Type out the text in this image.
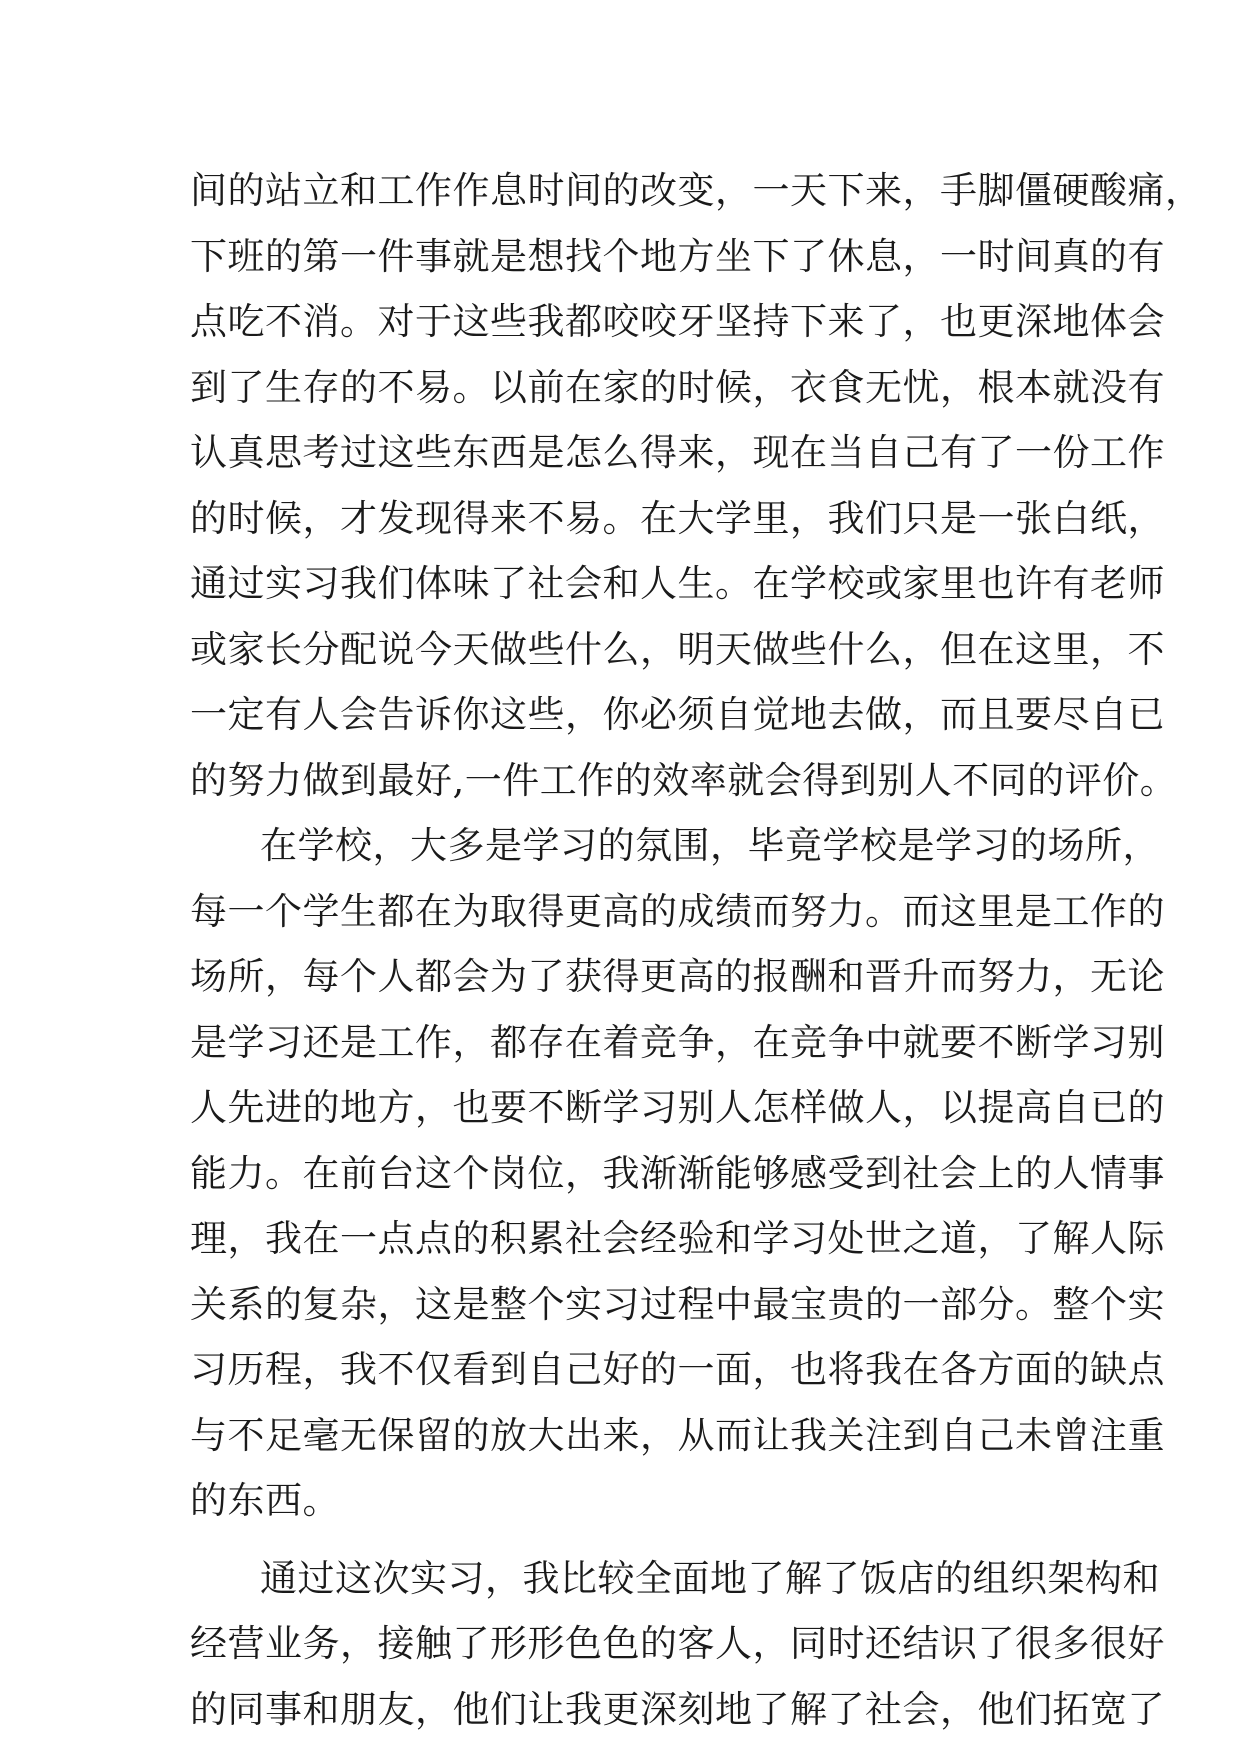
间的站立和工作作息时间的改变，一天下来，手脚僵硬酸痛，
下班的第一件事就是想找个地方坐下了休息，一时间真的有
点吃不消。对于这些我都咬咬牙坚持下来了，也更深地体会
到了生存的不易。以前在家的时候，衣食无忧，根本就没有
认真思考过这些东西是怎么得来，现在当自己有了一份工作
的时候，才发现得来不易。在大学里，我们只是一张白纸，
通过实习我们体味了社会和人生。在学校或家里也许有老师
或家长分配说今天做些什么，明天做些什么，但在这里，不
一定有人会告诉你这些，你必须自觉地去做，而且要尽自已
的努力做到最好,一件工作的效率就会得到别人不同的评价。
在学校，大多是学习的氛围，毕竟学校是学习的场所，
每一个学生都在为取得更高的成绩而努力。而这里是工作的
场所，每个人都会为了获得更高的报酬和晋升而努力，无论
是学习还是工作，都存在着竞争，在竞争中就要不断学习别
人先进的地方，也要不断学习别人怎样做人，以提高自已的
能力。在前台这个岗位，我渐渐能够感受到社会上的人情事
理，我在一点点的积累社会经验和学习处世之道，了解人际
关系的复杂，这是整个实习过程中最宝贵的一部分。整个实
习历程，我不仅看到自己好的一面，也将我在各方面的缺点
与不足毫无保留的放大出来，从而让我关注到自己未曾注重
的东西。
通过这次实习，我比较全面地了解了饭店的组织架构和
经营业务，接触了形形色色的客人，同时还结识了很多很好
的同事和朋友，他们让我更深刻地了解了社会，他们拓宽了
